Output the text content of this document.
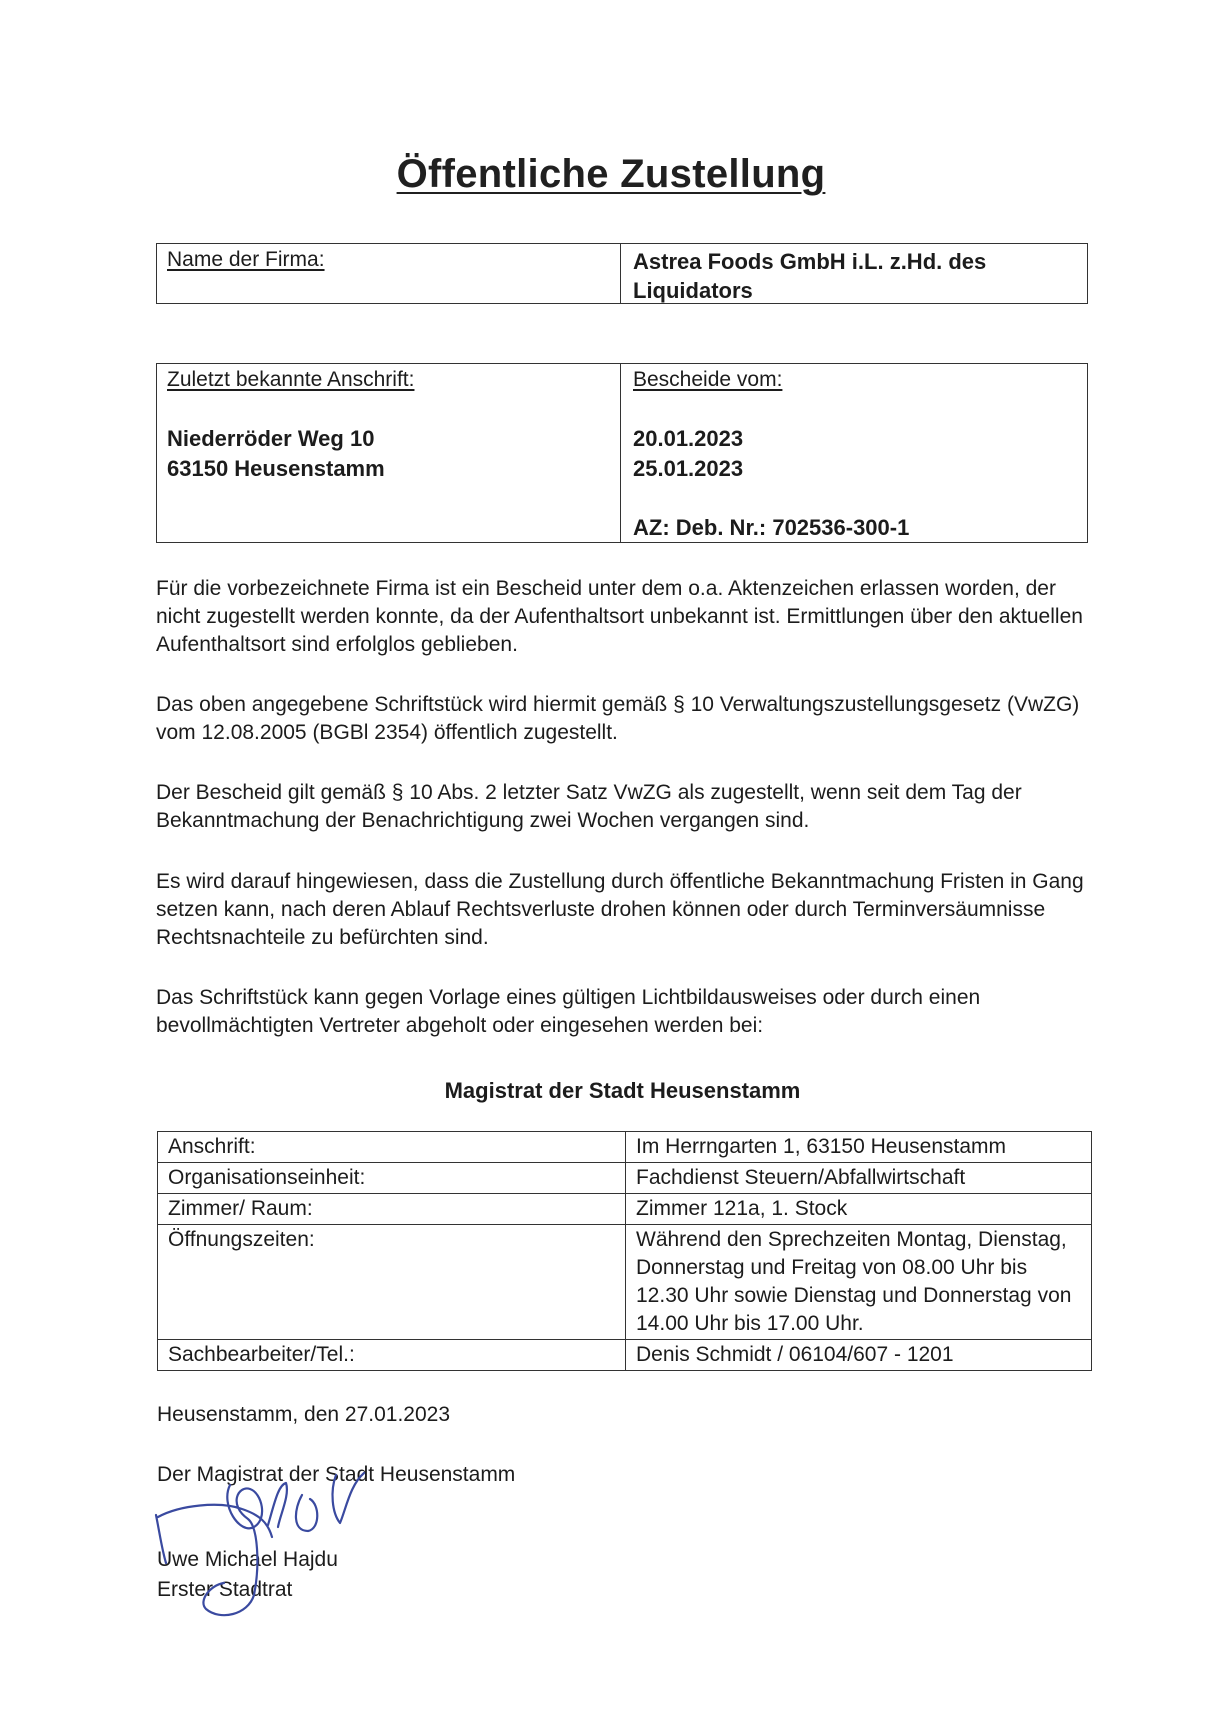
Öffentliche Zustellung
Name der Firma:	Astrea Foods GmbH i.L. z.Hd. des
Liquidators
Zuletzt bekannte Anschrift:
Niederröder Weg 10
63150 Heusenstamm
Bescheide vom:
20.01.2023
25.01.2023
AZ: Deb. Nr.: 702536-300-1
Für die vorbezeichnete Firma ist ein Bescheid unter dem o.a. Aktenzeichen erlassen worden, der nicht zugestellt werden konnte, da der Aufenthaltsort unbekannt ist. Ermittlungen über den aktuellen Aufenthaltsort sind erfolglos geblieben.
Das oben angegebene Schriftstück wird hiermit gemäß § 10 Verwaltungszustellungsgesetz (VwZG) vom 12.08.2005 (BGBl 2354) öffentlich zugestellt.
Der Bescheid gilt gemäß § 10 Abs. 2 letzter Satz VwZG als zugestellt, wenn seit dem Tag der Bekanntmachung der Benachrichtigung zwei Wochen vergangen sind.
Es wird darauf hingewiesen, dass die Zustellung durch öffentliche Bekanntmachung Fristen in Gang setzen kann, nach deren Ablauf Rechtsverluste drohen können oder durch Terminversäumnisse Rechtsnachteile zu befürchten sind.
Das Schriftstück kann gegen Vorlage eines gültigen Lichtbildausweises oder durch einen bevollmächtigten Vertreter abgeholt oder eingesehen werden bei:
Magistrat der Stadt Heusenstamm
Anschrift:	Im Herrngarten 1, 63150 Heusenstamm
Organisationseinheit:	Fachdienst Steuern/Abfallwirtschaft
Zimmer/ Raum:	Zimmer 121a, 1. Stock
Öffnungszeiten:	Während den Sprechzeiten Montag, Dienstag, Donnerstag und Freitag von 08.00 Uhr bis 12.30 Uhr sowie Dienstag und Donnerstag von 14.00 Uhr bis 17.00 Uhr.
Sachbearbeiter/Tel.:	Denis Schmidt / 06104/607 - 1201
Heusenstamm, den 27.01.2023
Der Magistrat der Stadt Heusenstamm
Uwe Michael Hajdu
Erster Stadtrat
